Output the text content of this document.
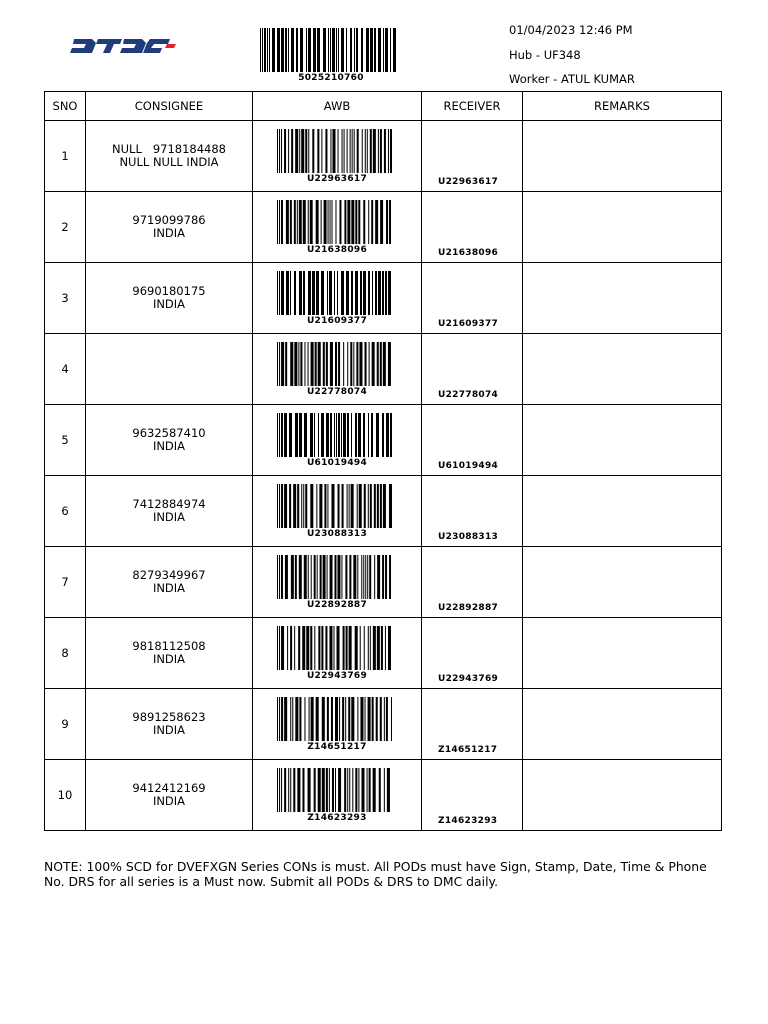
5025210760
01/04/2023 12:46 PM
Hub - UF348
Worker - ATUL KUMAR
SNO	CONSIGNEE	AWB	RECEIVER	REMARKS
1	NULL   9718184488
NULL NULL INDIA	U22963617	U22963617	

2	9719099786
INDIA	U21638096	U21638096	

3	9690180175
INDIA	U21609377	U21609377	

4		U22778074	U22778074	

5	9632587410
INDIA	U61019494	U61019494	

6	7412884974
INDIA	U23088313	U23088313	

7	8279349967
INDIA	U22892887	U22892887	

8	9818112508
INDIA	U22943769	U22943769	

9	9891258623
INDIA	Z14651217	Z14651217	

10	9412412169
INDIA	Z14623293	Z14623293	

NOTE: 100% SCD for DVEFXGN Series CONs is must. All PODs must have Sign, Stamp, Date, Time & Phone No. DRS for all series is a Must now. Submit all PODs & DRS to DMC daily.
